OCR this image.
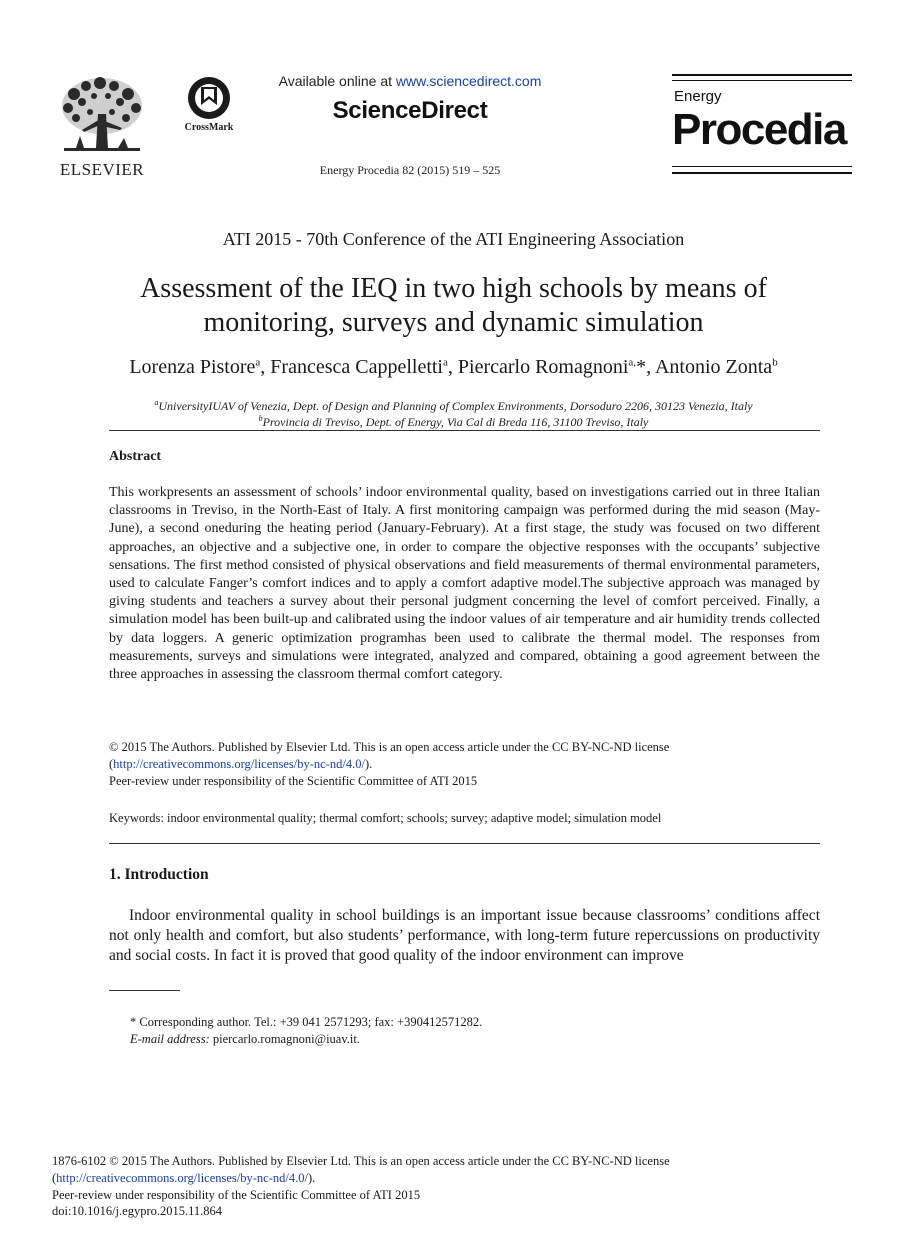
ELSEVIER
CrossMark
Available online at www.sciencedirect.com
ScienceDirect
Energy Procedia 82 (2015) 519 – 525
Energy
Procedia
ATI 2015 - 70th Conference of the ATI Engineering Association
Assessment of the IEQ in two high schools by means of
monitoring, surveys and dynamic simulation
Lorenza Pistore$^a$, Francesca Cappelletti$^a$, Piercarlo Romagnoni$^{a,}$*, Antonio Zonta$^b$
$^a$UniversityIUAV of Venezia, Dept. of Design and Planning of Complex Environments, Dorsoduro 2206, 30123 Venezia, Italy
$^b$Provincia di Treviso, Dept. of Energy, Via Cal di Breda 116, 31100 Treviso, Italy
Abstract
This workpresents an assessment of schools’ indoor environmental quality, based on investigations carried out in three Italian classrooms in Treviso, in the North-East of Italy. A first monitoring campaign was performed during the mid season (May-June), a second oneduring the heating period (January-February). At a first stage, the study was focused on two different approaches, an objective and a subjective one, in order to compare the objective responses with the occupants’ subjective sensations. The first method consisted of physical observations and field measurements of thermal environmental parameters, used to calculate Fanger’s comfort indices and to apply a comfort adaptive model.The subjective approach was managed by giving students and teachers a survey about their personal judgment concerning the level of comfort perceived. Finally, a simulation model has been built-up and calibrated using the indoor values of air temperature and air humidity trends collected by data loggers. A generic optimization programhas been used to calibrate the thermal model. The responses from measurements, surveys and simulations were integrated, analyzed and compared, obtaining a good agreement between the three approaches in assessing the classroom thermal comfort category.
© 2015 The Authors. Published by Elsevier Ltd. This is an open access article under the CC BY-NC-ND license
(http://creativecommons.org/licenses/by-nc-nd/4.0/).
Peer-review under responsibility of the Scientific Committee of ATI 2015
Keywords: indoor environmental quality; thermal comfort; schools; survey; adaptive model; simulation model
1. Introduction
Indoor environmental quality in school buildings is an important issue because classrooms’ conditions affect not only health and comfort, but also students’ performance, with long-term future repercussions on productivity and social costs. In fact it is proved that good quality of the indoor environment can improve
* Corresponding author. Tel.: +39 041 2571293; fax: +390412571282.
E-mail address: piercarlo.romagnoni@iuav.it.
1876-6102 © 2015 The Authors. Published by Elsevier Ltd. This is an open access article under the CC BY-NC-ND license
(http://creativecommons.org/licenses/by-nc-nd/4.0/).
Peer-review under responsibility of the Scientific Committee of ATI 2015
doi:10.1016/j.egypro.2015.11.864
